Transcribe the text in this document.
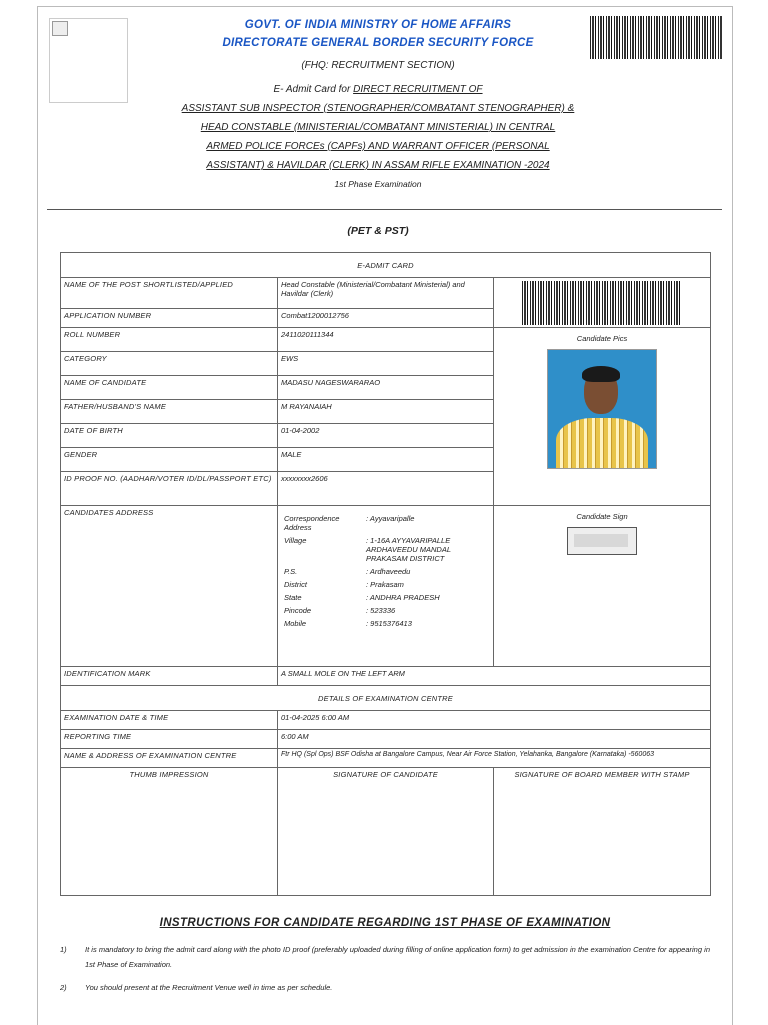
GOVT. OF INDIA MINISTRY OF HOME AFFAIRS
DIRECTORATE GENERAL BORDER SECURITY FORCE
(FHQ: RECRUITMENT SECTION)
E- Admit Card for DIRECT RECRUITMENT OF
ASSISTANT SUB INSPECTOR (STENOGRAPHER/COMBATANT STENOGRAPHER) &
HEAD CONSTABLE (MINISTERIAL/COMBATANT MINISTERIAL) IN CENTRAL
ARMED POLICE FORCEs (CAPFs) AND WARRANT OFFICER (PERSONAL
ASSISTANT) & HAVILDAR (CLERK) IN ASSAM RIFLE EXAMINATION -2024
1st Phase Examination
(PET & PST)
E-ADMIT CARD
NAME OF THE POST SHORTLISTED/APPLIED	Head Constable (Ministerial/Combatant Ministerial) and Havildar (Clerk)	

APPLICATION NUMBER	Combat1200012756
ROLL NUMBER	2411020111344	Candidate Pics

CATEGORY	EWS
NAME OF CANDIDATE	MADASU NAGESWARARAO
FATHER/HUSBAND'S NAME	M RAYANAIAH
DATE OF BIRTH	01-04-2002
GENDER	MALE
ID PROOF NO. (AADHAR/VOTER ID/DL/PASSPORT ETC)	xxxxxxxx2606
CANDIDATES ADDRESS	
Correspondence Address	: Ayyavaripalle
Village	: 1-16A AYYAVARIPALLE ARDHAVEEDU MANDAL PRAKASAM DISTRICT
P.S.	: Ardhaveedu
District	: Prakasam
State	: ANDHRA PRADESH
Pincode	: 523336
Mobile	: 9515376413

Candidate Sign

IDENTIFICATION MARK	A SMALL MOLE ON THE LEFT ARM
DETAILS OF EXAMINATION CENTRE
EXAMINATION DATE & TIME	01-04-2025 6:00 AM
REPORTING TIME	6:00 AM
NAME & ADDRESS OF EXAMINATION CENTRE	Ftr HQ (Spl Ops) BSF Odisha at Bangalore Campus, Near Air Force Station, Yelahanka, Bangalore (Karnataka) -560063
THUMB IMPRESSION	SIGNATURE OF CANDIDATE	SIGNATURE OF BOARD MEMBER WITH STAMP
INSTRUCTIONS FOR CANDIDATE REGARDING 1ST PHASE OF EXAMINATION
1) It is mandatory to bring the admit card along with the photo ID proof (preferably uploaded during filling of online application form) to get admission in the examination Centre for appearing in 1st Phase of Examination.
2) You should present at the Recruitment Venue well in time as per schedule.
